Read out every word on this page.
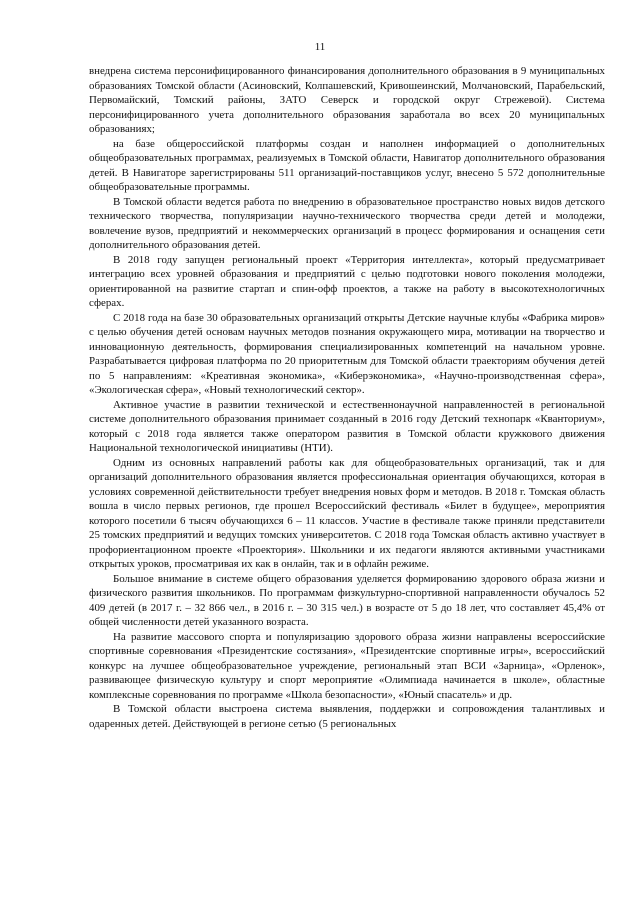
11

внедрена система персонифицированного финансирования дополнительного образования в 9 муниципальных образованиях Томской области (Асиновский, Колпашевский, Кривошеинский, Молчановский, Парабельский, Первомайский, Томский районы, ЗАТО Северск и городской округ Стрежевой). Система персонифицированного учета дополнительного образования заработала во всех 20 муниципальных образованиях;

на базе общероссийской платформы создан и наполнен информацией о дополнительных общеобразовательных программах, реализуемых в Томской области, Навигатор дополнительного образования детей. В Навигаторе зарегистрированы 511 организаций-поставщиков услуг, внесено 5 572 дополнительные общеобразовательные программы.

В Томской области ведется работа по внедрению в образовательное пространство новых видов детского технического творчества, популяризации научно-технического творчества среди детей и молодежи, вовлечение вузов, предприятий и некоммерческих организаций в процесс формирования и оснащения сети дополнительного образования детей.

В 2018 году запущен региональный проект «Территория интеллекта», который предусматривает интеграцию всех уровней образования и предприятий с целью подготовки нового поколения молодежи, ориентированной на развитие стартап и спин-офф проектов, а также на работу в высокотехнологичных сферах.

С 2018 года на базе 30 образовательных организаций открыты Детские научные клубы «Фабрика миров» с целью обучения детей основам научных методов познания окружающего мира, мотивации на творчество и инновационную деятельность, формирования специализированных компетенций на начальном уровне. Разрабатывается цифровая платформа по 20 приоритетным для Томской области траекториям обучения детей по 5 направлениям: «Креативная экономика», «Киберэкономика», «Научно-производственная сфера», «Экологическая сфера», «Новый технологический сектор».

Активное участие в развитии технической и естественнонаучной направленностей в региональной системе дополнительного образования принимает созданный в 2016 году Детский технопарк «Кванториум», который с 2018 года является также оператором развития в Томской области кружкового движения Национальной технологической инициативы (НТИ).

Одним из основных направлений работы как для общеобразовательных организаций, так и для организаций дополнительного образования является профессиональная ориентация обучающихся, которая в условиях современной действительности требует внедрения новых форм и методов. В 2018 г. Томская область вошла в число первых регионов, где прошел Всероссийский фестиваль «Билет в будущее», мероприятия которого посетили 6 тысяч обучающихся 6 – 11 классов. Участие в фестивале также приняли представители 25 томских предприятий и ведущих томских университетов. С 2018 года Томская область активно участвует в профориентационном проекте «Проектория». Школьники и их педагоги являются активными участниками открытых уроков, просматривая их как в онлайн, так и в офлайн режиме.

Большое внимание в системе общего образования уделяется формированию здорового образа жизни и физического развития школьников. По программам физкультурно-спортивной направленности обучалось 52 409 детей (в 2017 г. – 32 866 чел., в 2016 г. – 30 315 чел.) в возрасте от 5 до 18 лет, что составляет 45,4% от общей численности детей указанного возраста.

На развитие массового спорта и популяризацию здорового образа жизни направлены всероссийские спортивные соревнования «Президентские состязания», «Президентские спортивные игры», всероссийский конкурс на лучшее общеобразовательное учреждение, региональный этап ВСИ «Зарница», «Орленок», развивающее физическую культуру и спорт мероприятие «Олимпиада начинается в школе», областные комплексные соревнования по программе «Школа безопасности», «Юный спасатель» и др.

В Томской области выстроена система выявления, поддержки и сопровождения талантливых и одаренных детей. Действующей в регионе сетью (5 региональных
